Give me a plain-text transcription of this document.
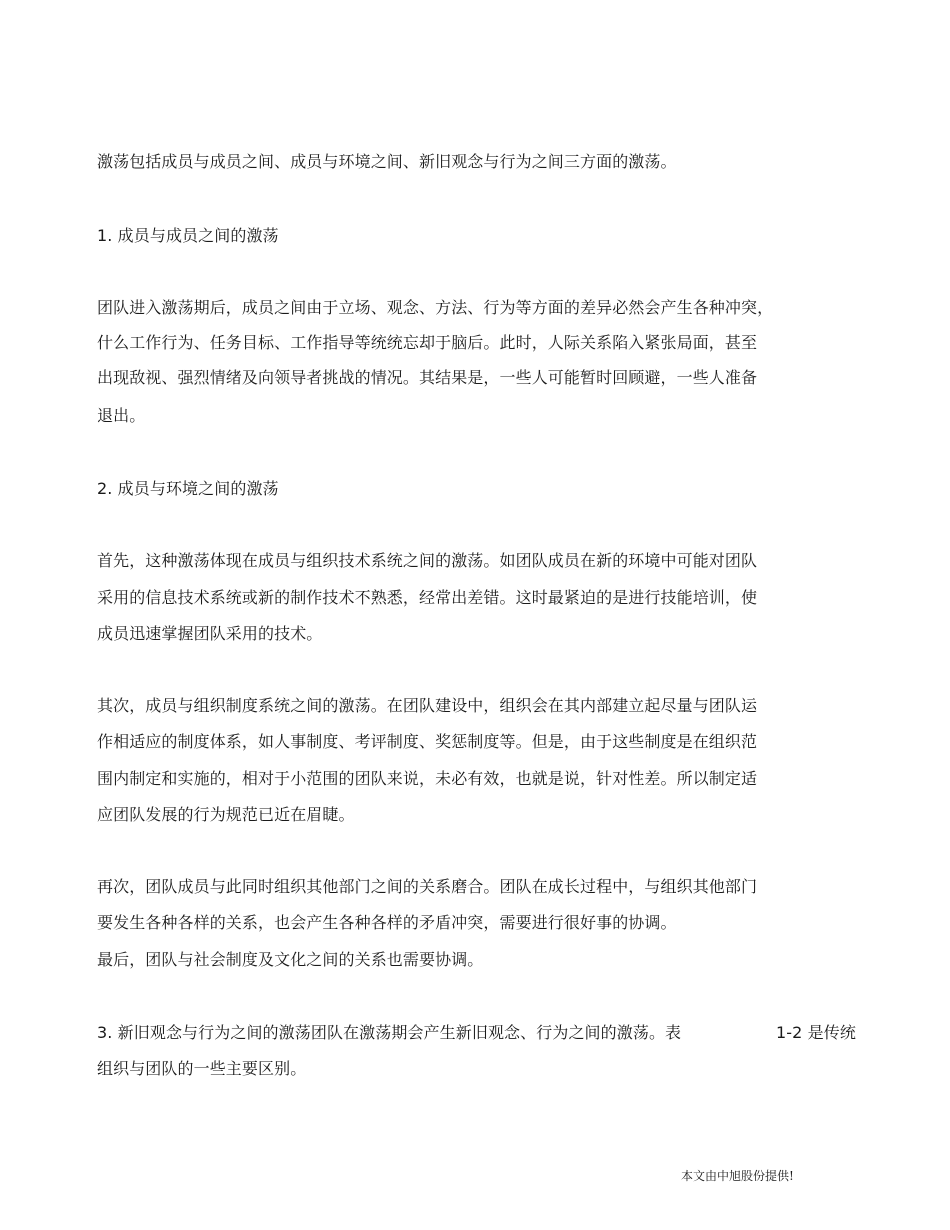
激荡包括成员与成员之间、成员与环境之间、新旧观念与行为之间三方面的激荡。
1. 成员与成员之间的激荡
团队进入激荡期后，成员之间由于立场、观念、方法、行为等方面的差异必然会产生各种冲突，
什么工作行为、任务目标、工作指导等统统忘却于脑后。此时，人际关系陷入紧张局面，甚至
出现敌视、强烈情绪及向领导者挑战的情况。其结果是，一些人可能暂时回顾避，一些人准备
退出。
2. 成员与环境之间的激荡
首先，这种激荡体现在成员与组织技术系统之间的激荡。如团队成员在新的环境中可能对团队
采用的信息技术系统或新的制作技术不熟悉，经常出差错。这时最紧迫的是进行技能培训，使
成员迅速掌握团队采用的技术。
其次，成员与组织制度系统之间的激荡。在团队建设中，组织会在其内部建立起尽量与团队运
作相适应的制度体系，如人事制度、考评制度、奖惩制度等。但是，由于这些制度是在组织范
围内制定和实施的，相对于小范围的团队来说，未必有效，也就是说，针对性差。所以制定适
应团队发展的行为规范已近在眉睫。
再次，团队成员与此同时组织其他部门之间的关系磨合。团队在成长过程中，与组织其他部门
要发生各种各样的关系，也会产生各种各样的矛盾冲突，需要进行很好事的协调。
最后，团队与社会制度及文化之间的关系也需要协调。
3. 新旧观念与行为之间的激荡团队在激荡期会产生新旧观念、行为之间的激荡。表	1-2 是传统
组织与团队的一些主要区别。
本文由中旭股份提供!
